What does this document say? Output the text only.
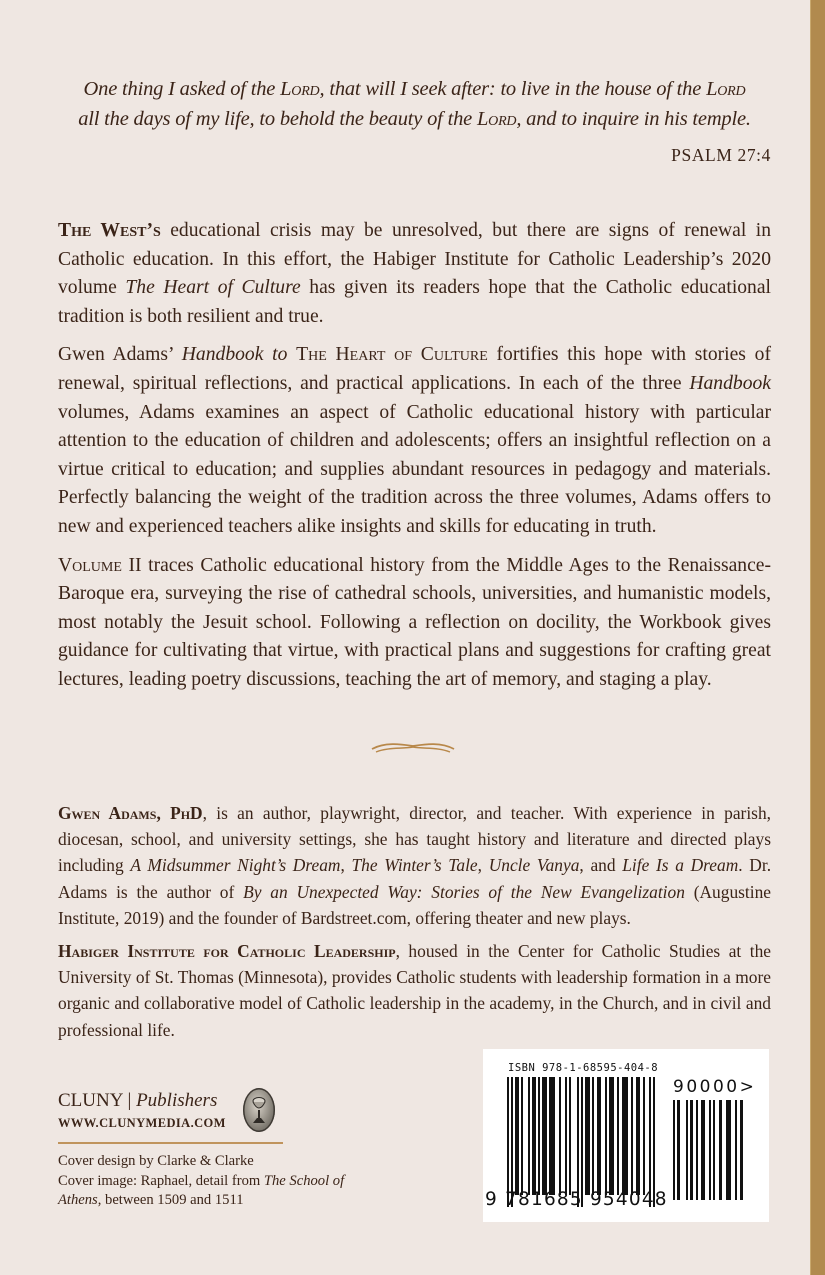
One thing I asked of the Lord, that will I seek after: to live in the house of the Lord
all the days of my life, to behold the beauty of the Lord, and to inquire in his temple.
PSALM 27:4

The West’s educational crisis may be unresolved, but there are signs of renewal in Catholic education. In this effort, the Habiger Institute for Catholic Leadership’s 2020 volume The Heart of Culture has given its readers hope that the Catholic educational tradition is both resilient and true.

Gwen Adams’ Handbook to The Heart of Culture fortifies this hope with stories of renewal, spiritual reflections, and practical applications. In each of the three Handbook volumes, Adams examines an aspect of Catholic educational history with particular attention to the education of children and adolescents; offers an insightful reflection on a virtue critical to education; and supplies abundant resources in pedagogy and materials. Perfectly balancing the weight of the tradition across the three volumes, Adams offers to new and experienced teachers alike insights and skills for educating in truth.

Volume II traces Catholic educational history from the Middle Ages to the Renaissance-Baroque era, surveying the rise of cathedral schools, universities, and humanistic models, most notably the Jesuit school. Following a reflection on docility, the Workbook gives guidance for cultivating that virtue, with practical plans and suggestions for crafting great lectures, leading poetry discussions, teaching the art of memory, and staging a play.

Gwen Adams, PhD, is an author, playwright, director, and teacher. With experience in parish, diocesan, school, and university settings, she has taught history and literature and directed plays including A Midsummer Night’s Dream, The Winter’s Tale, Uncle Vanya, and Life Is a Dream. Dr. Adams is the author of By an Unexpected Way: Stories of the New Evangelization (Augustine Institute, 2019) and the founder of Bardstreet.com, offering theater and new plays.

Habiger Institute for Catholic Leadership, housed in the Center for Catholic Studies at the University of St. Thomas (Minnesota), provides Catholic students with leadership formation in a more organic and collaborative model of Catholic leadership in the academy, in the Church, and in civil and professional life.

CLUNY | Publishers
WWW.CLUNYMEDIA.COM
Cover design by Clarke & Clarke
Cover image: Raphael, detail from The School of Athens, between 1509 and 1511
ISBN 978-1-68595-404-8
90000>
9 781685 954048
